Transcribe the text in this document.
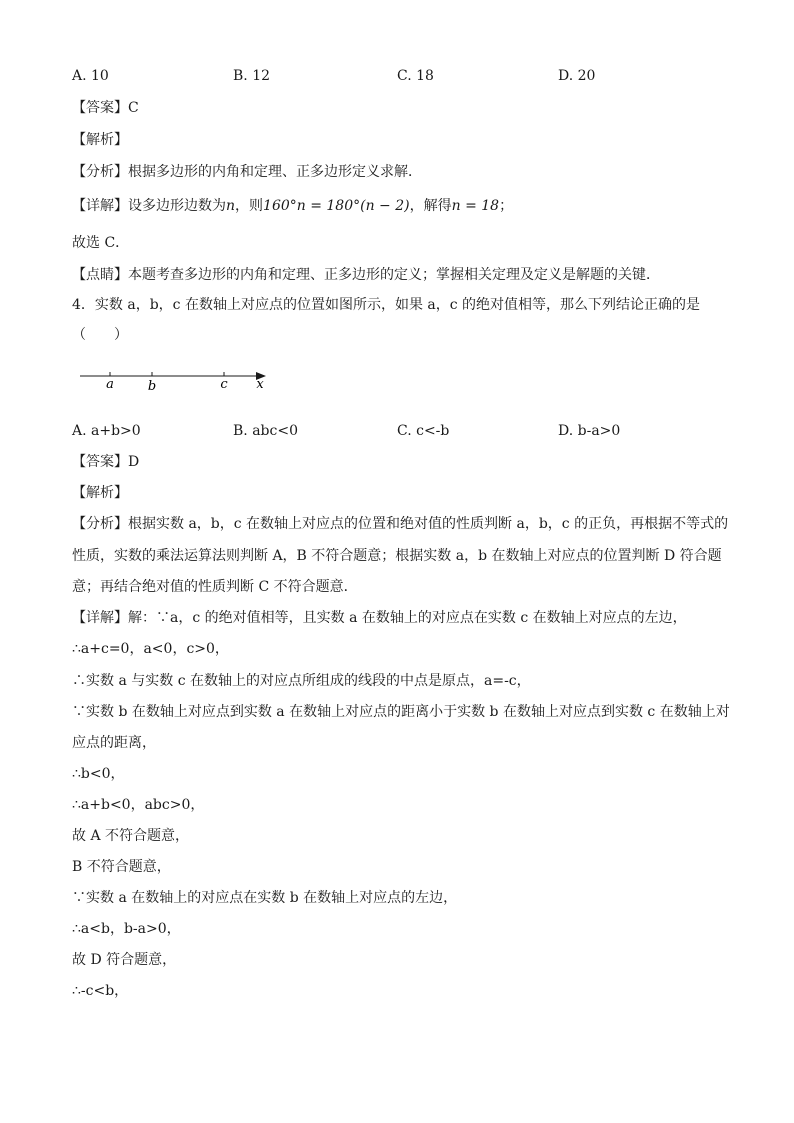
A. 10	B. 12	C. 18	D. 20
【答案】C
【解析】
【分析】根据多边形的内角和定理、正多边形定义求解．
【详解】设多边形边数为n，则160°n = 180°(n − 2)，解得n = 18；
故选 C．
【点睛】本题考查多边形的内角和定理、正多边形的定义；掌握相关定理及定义是解题的关键．
4．实数 a，b，c 在数轴上对应点的位置如图所示，如果 a，c 的绝对值相等，那么下列结论正确的是
（　　）
a	b	c x
A. a+b>0	B. abc<0	C. c<-b	D. b-a>0
【答案】D
【解析】
【分析】根据实数 a，b，c 在数轴上对应点的位置和绝对值的性质判断 a，b，c 的正负，再根据不等式的
性质，实数的乘法运算法则判断 A，B 不符合题意；根据实数 a，b 在数轴上对应点的位置判断 D 符合题
意；再结合绝对值的性质判断 C 不符合题意．
【详解】解：∵a，c 的绝对值相等，且实数 a 在数轴上的对应点在实数 c 在数轴上对应点的左边，
∴a+c=0，a<0，c>0，
∴实数 a 与实数 c 在数轴上的对应点所组成的线段的中点是原点，a=-c，
∵实数 b 在数轴上对应点到实数 a 在数轴上对应点的距离小于实数 b 在数轴上对应点到实数 c 在数轴上对
应点的距离，
∴b<0，
∴a+b<0，abc>0，
故 A 不符合题意，
B 不符合题意，
∵实数 a 在数轴上的对应点在实数 b 在数轴上对应点的左边，
∴a<b，b-a>0，
故 D 符合题意，
∴-c<b，
